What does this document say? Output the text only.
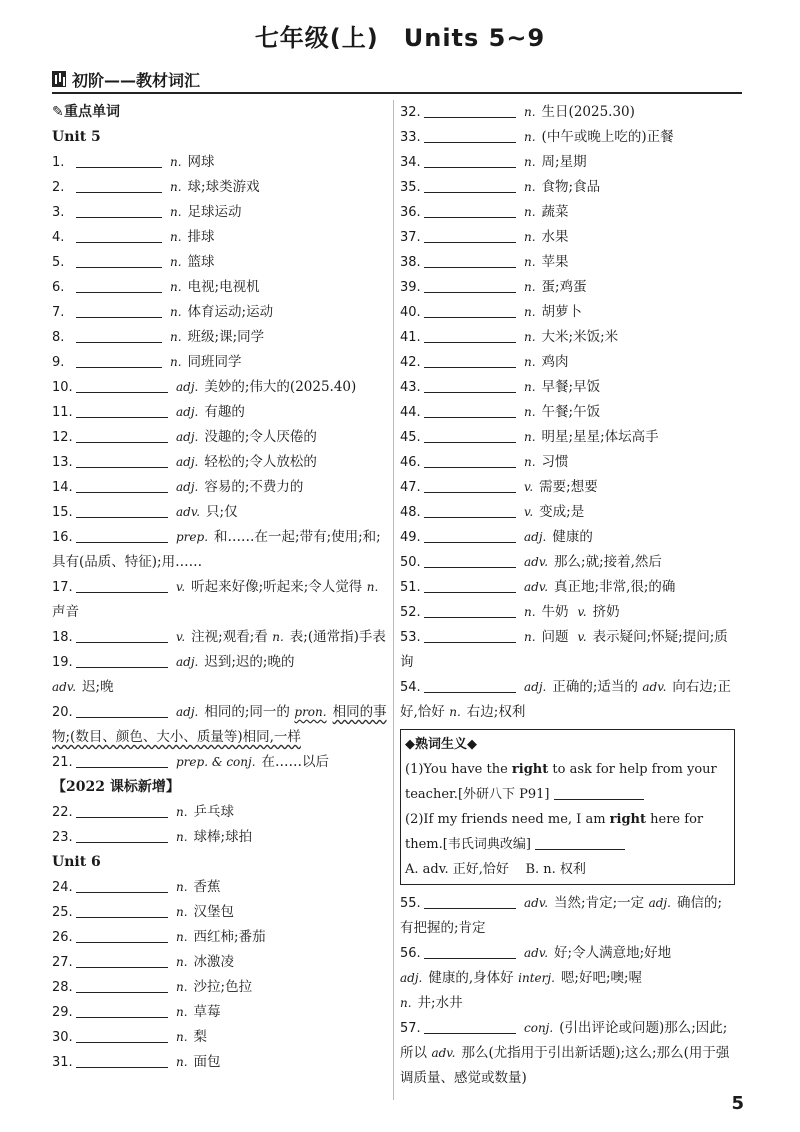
七年级(上)　Units 5~9
初阶——教材词汇
✎重点单词
Unit 5
1.	n. 网球
2.	n. 球;球类游戏
3.	n. 足球运动
4.	n. 排球
5.	n. 篮球
6.	n. 电视;电视机
7.	n. 体育运动;运动
8.	n. 班级;课;同学
9.	n. 同班同学
10.	adj. 美妙的;伟大的(2025.40)
11.	adj. 有趣的
12.	adj. 没趣的;令人厌倦的
13.	adj. 轻松的;令人放松的
14.	adj. 容易的;不费力的
15.	adv. 只;仅
16.	prep. 和……在一起;带有;使用;和;具有(品质、特征);用……
17.	v. 听起来好像;听起来;令人觉得 n.声音
18.	v. 注视;观看;看 n. 表;(通常指)手表
19.	adj. 迟到;迟的;晚的
adv. 迟;晚
20.	adj. 相同的;同一的 pron. 相同的事物;(数目、颜色、大小、质量等)相同,一样
21.	prep. & conj. 在……以后
【2022 课标新增】
22.	n. 乒乓球
23.	n. 球棒;球拍
Unit 6
24.	n. 香蕉
25.	n. 汉堡包
26.	n. 西红柿;番茄
27.	n. 冰激凌
28.	n. 沙拉;色拉
29.	n. 草莓
30.	n. 梨
31.	n. 面包
32.	n. 生日(2025.30)
33.	n. (中午或晚上吃的)正餐
34.	n. 周;星期
35.	n. 食物;食品
36.	n. 蔬菜
37.	n. 水果
38.	n. 苹果
39.	n. 蛋;鸡蛋
40.	n. 胡萝卜
41.	n. 大米;米饭;米
42.	n. 鸡肉
43.	n. 早餐;早饭
44.	n. 午餐;午饭
45.	n. 明星;星星;体坛高手
46.	n. 习惯
47.	v. 需要;想要
48.	v. 变成;是
49.	adj. 健康的
50.	adv. 那么;就;接着,然后
51.	adv. 真正地;非常,很;的确
52.	n. 牛奶 v. 挤奶
53.	n. 问题 v. 表示疑问;怀疑;提问;质询
54.	adj. 正确的;适当的 adv. 向右边;正好,恰好 n. 右边;权利
◆熟词生义◆
(1)You have the right to ask for help from your teacher.[外研八下 P91]
(2)If my friends need me, I am right here for them.[韦氏词典改编]
A. adv. 正好,恰好 B. n. 权利
55.	adv. 当然;肯定;一定 adj. 确信的;有把握的;肯定
56.	adv. 好;令人满意地;好地
adj. 健康的,身体好 interj. 嗯;好吧;噢;喔
n. 井;水井
57.	conj. (引出评论或问题)那么;因此;所以 adv. 那么(尤指用于引出新话题);这么;那么(用于强调质量、感觉或数量)
5
